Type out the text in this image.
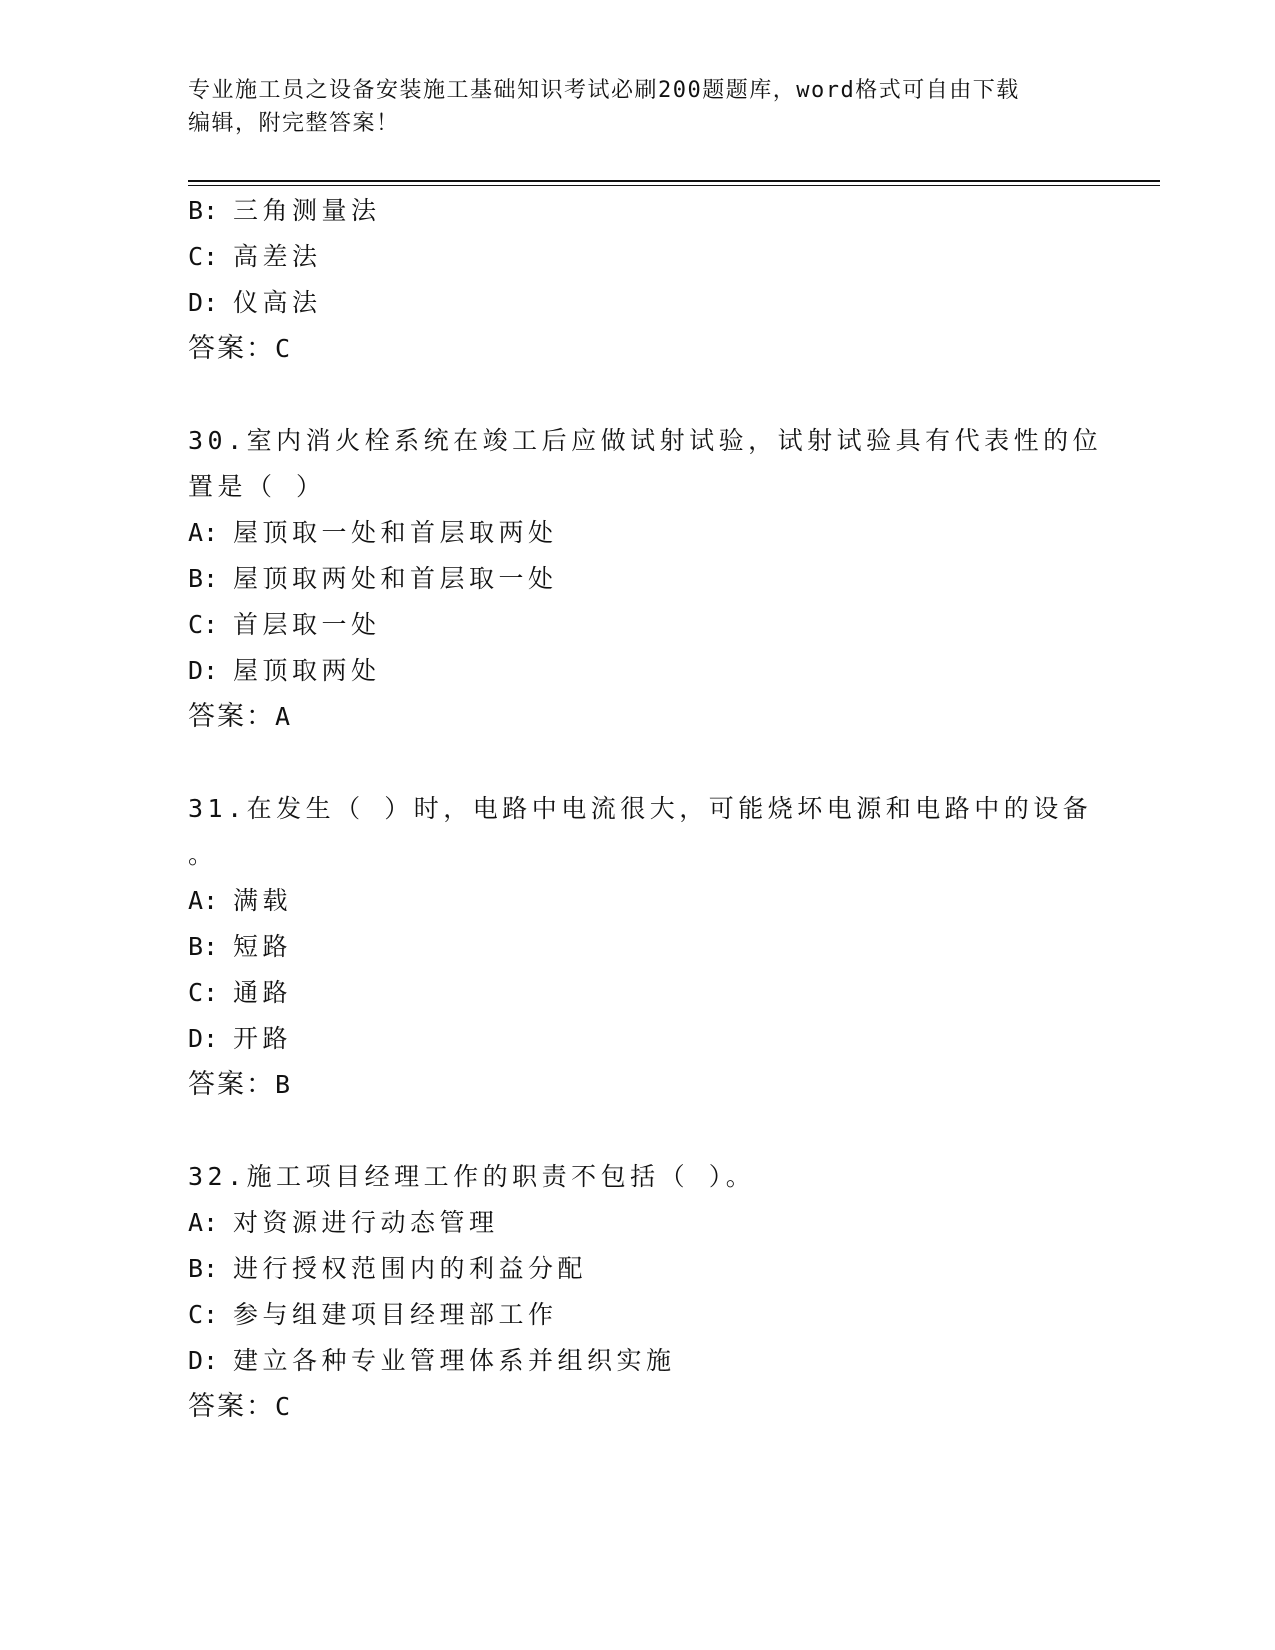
专业施工员之设备安装施工基础知识考试必刷200题题库，word格式可自由下载
编辑，附完整答案！
B: 三角测量法
C: 高差法
D: 仪高法
答案：C
30.室内消火栓系统在竣工后应做试射试验，试射试验具有代表性的位
置是（ ）
A: 屋顶取一处和首层取两处
B: 屋顶取两处和首层取一处
C: 首层取一处
D: 屋顶取两处
答案：A
31.在发生（ ）时，电路中电流很大，可能烧坏电源和电路中的设备
。
A: 满载
B: 短路
C: 通路
D: 开路
答案：B
32.施工项目经理工作的职责不包括（ ）。
A: 对资源进行动态管理
B: 进行授权范围内的利益分配
C: 参与组建项目经理部工作
D: 建立各种专业管理体系并组织实施
答案：C
